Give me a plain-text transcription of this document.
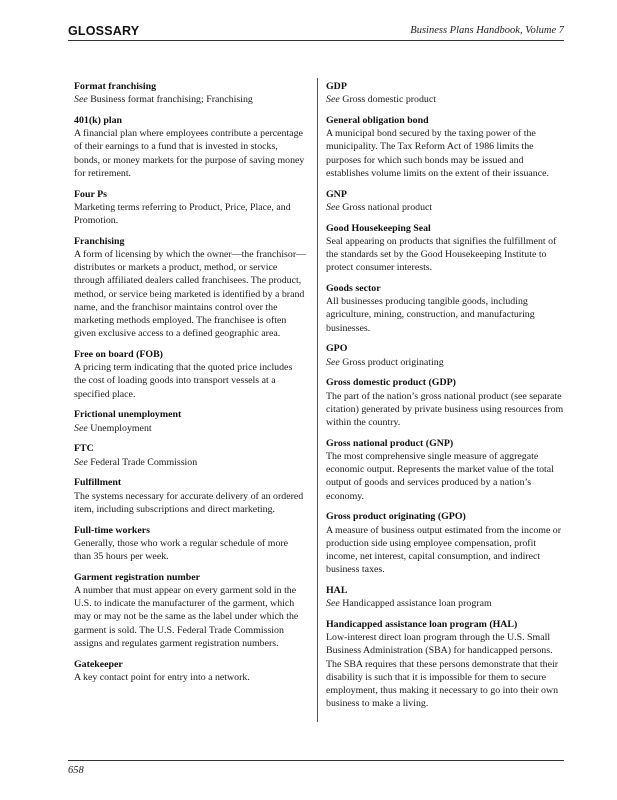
GLOSSARY	Business Plans Handbook, Volume 7
Format franchising
See Business format franchising; Franchising
401(k) plan
A financial plan where employees contribute a percentage of their earnings to a fund that is invested in stocks, bonds, or money markets for the purpose of saving money for retirement.
Four Ps
Marketing terms referring to Product, Price, Place, and Promotion.
Franchising
A form of licensing by which the owner—the franchisor—distributes or markets a product, method, or service through affiliated dealers called franchisees. The product, method, or service being marketed is identified by a brand name, and the franchisor maintains control over the marketing methods employed. The franchisee is often given exclusive access to a defined geographic area.
Free on board (FOB)
A pricing term indicating that the quoted price includes the cost of loading goods into transport vessels at a specified place.
Frictional unemployment
See Unemployment
FTC
See Federal Trade Commission
Fulfillment
The systems necessary for accurate delivery of an ordered item, including subscriptions and direct marketing.
Full-time workers
Generally, those who work a regular schedule of more than 35 hours per week.
Garment registration number
A number that must appear on every garment sold in the U.S. to indicate the manufacturer of the garment, which may or may not be the same as the label under which the garment is sold. The U.S. Federal Trade Commission assigns and regulates garment registration numbers.
Gatekeeper
A key contact point for entry into a network.
GDP
See Gross domestic product
General obligation bond
A municipal bond secured by the taxing power of the municipality. The Tax Reform Act of 1986 limits the purposes for which such bonds may be issued and establishes volume limits on the extent of their issuance.
GNP
See Gross national product
Good Housekeeping Seal
Seal appearing on products that signifies the fulfillment of the standards set by the Good Housekeeping Institute to protect consumer interests.
Goods sector
All businesses producing tangible goods, including agriculture, mining, construction, and manufacturing businesses.
GPO
See Gross product originating
Gross domestic product (GDP)
The part of the nation’s gross national product (see separate citation) generated by private business using resources from within the country.
Gross national product (GNP)
The most comprehensive single measure of aggregate economic output. Represents the market value of the total output of goods and services produced by a nation’s economy.
Gross product originating (GPO)
A measure of business output estimated from the income or production side using employee compensation, profit income, net interest, capital consumption, and indirect business taxes.
HAL
See Handicapped assistance loan program
Handicapped assistance loan program (HAL)
Low-interest direct loan program through the U.S. Small Business Administration (SBA) for handicapped persons. The SBA requires that these persons demonstrate that their disability is such that it is impossible for them to secure employment, thus making it necessary to go into their own business to make a living.
658
